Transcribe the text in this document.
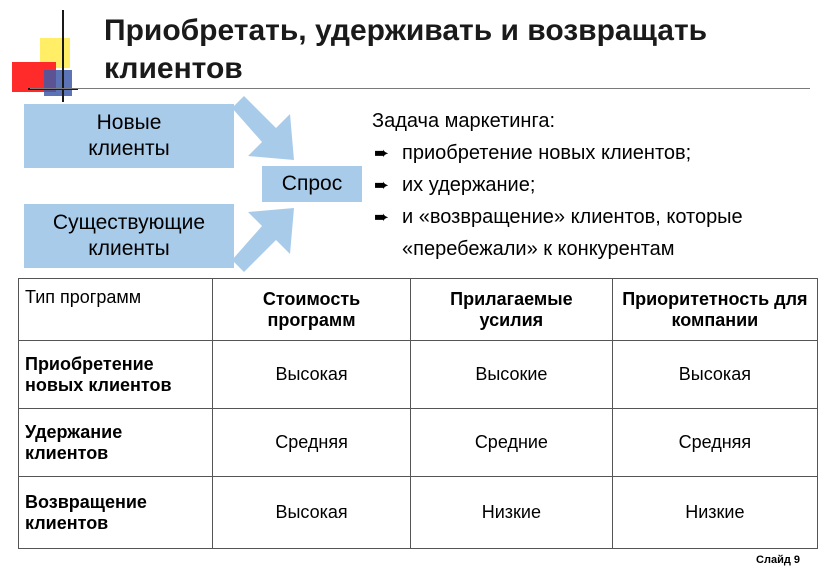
Приобретать, удерживать и возвращать клиентов
Новые
клиенты
Существующие
клиенты
Спрос
Задача маркетинга:
➨ приобретение новых клиентов;
➨ их удержание;
➨ и «возвращение» клиентов, которые «перебежали» к конкурентам
Тип программ	Стоимость программ	Прилагаемые усилия	Приоритетность для компании
Приобретение новых клиентов	Высокая	Высокие	Высокая
Удержание клиентов	Средняя	Средние	Средняя
Возвращение клиентов	Высокая	Низкие	Низкие
Слайд 9
